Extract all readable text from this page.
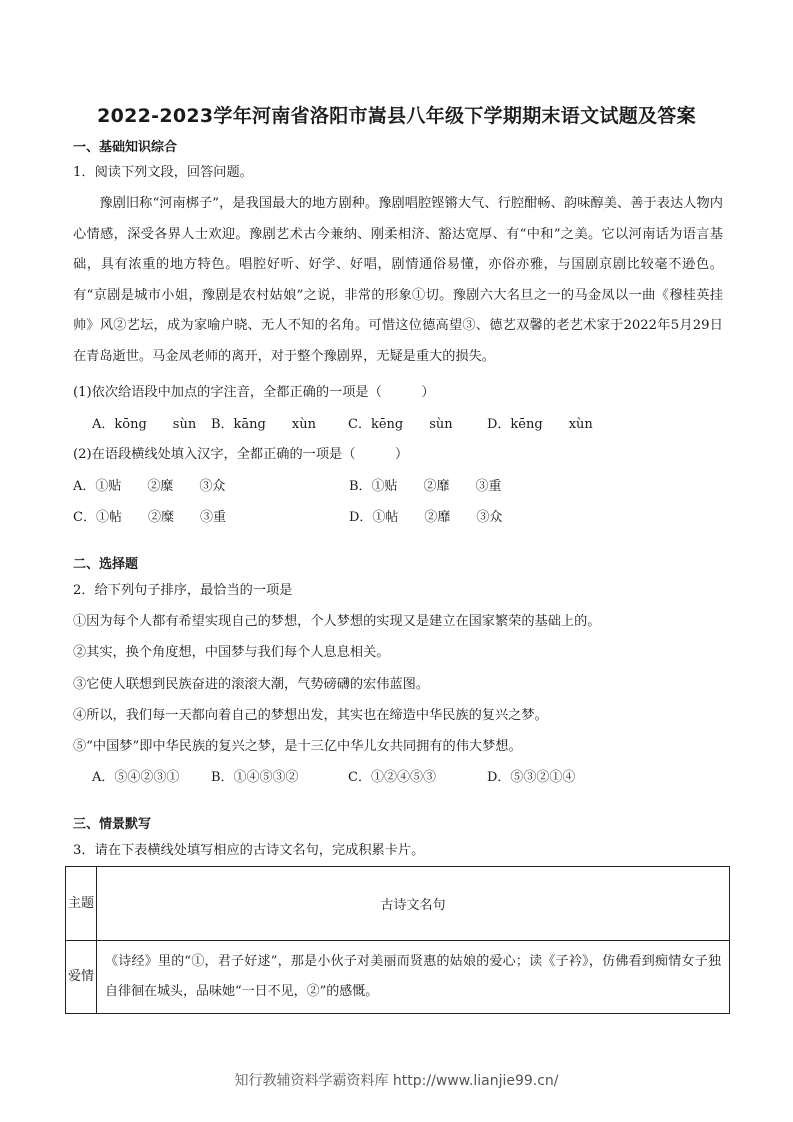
2022-2023学年河南省洛阳市嵩县八年级下学期期末语文试题及答案
一、基础知识综合
1．阅读下列文段，回答问题。
豫剧旧称“河南梆子”，是我国最大的地方剧种。豫剧唱腔铿锵大气、行腔酣畅、韵味醇美、善于表达人物内心情感，深受各界人士欢迎。豫剧艺术古今兼纳、刚柔相济、豁达宽厚、有“中和”之美。它以河南话为语言基础，具有浓重的地方特色。唱腔好听、好学、好唱，剧情通俗易懂，亦俗亦雅，与国剧京剧比较毫不逊色。有“京剧是城市小姐，豫剧是农村姑娘”之说，非常的形象①切。豫剧六大名旦之一的马金凤以一曲《穆桂英挂帅》风②艺坛，成为家喻户晓、无人不知的名角。可惜这位德高望③、德艺双馨的老艺术家于2022年5月29日在青岛逝世。马金凤老师的离开，对于整个豫剧界，无疑是重大的损失。
(1)依次给语段中加点的字注音，全都正确的一项是（　　　）
A．kōng　　sùn B．kāng　　xùn C．kēng　　sùn	D．kēng　　xùn
(2)在语段横线处填入汉字，全都正确的一项是（　　　）
A．①贴　　②糜　　③众	B．①贴　　②靡　　③重
C．①帖　　②糜　　③重	D．①帖　　②靡　　③众
二、选择题
2．给下列句子排序，最恰当的一项是
①因为每个人都有希望实现自己的梦想，个人梦想的实现又是建立在国家繁荣的基础上的。
②其实，换个角度想，中国梦与我们每个人息息相关。
③它使人联想到民族奋进的滚滚大潮，气势磅礴的宏伟蓝图。
④所以，我们每一天都向着自己的梦想出发，其实也在缔造中华民族的复兴之梦。
⑤“中国梦”即中华民族的复兴之梦，是十三亿中华儿女共同拥有的伟大梦想。
A．⑤④②③① B．①④⑤③②	C．①②④⑤③	D．⑤③②①④
三、情景默写
3．请在下表横线处填写相应的古诗文名句，完成积累卡片。
主题	古诗文名句
爱情	《诗经》里的“①，君子好逑”，那是小伙子对美丽而贤惠的姑娘的爱心；读《子衿》，仿佛看到痴情女子独自徘徊在城头，品味她“一日不见，②”的感慨。
知行教辅资料学霸资料库 http://www.lianjie99.cn/
